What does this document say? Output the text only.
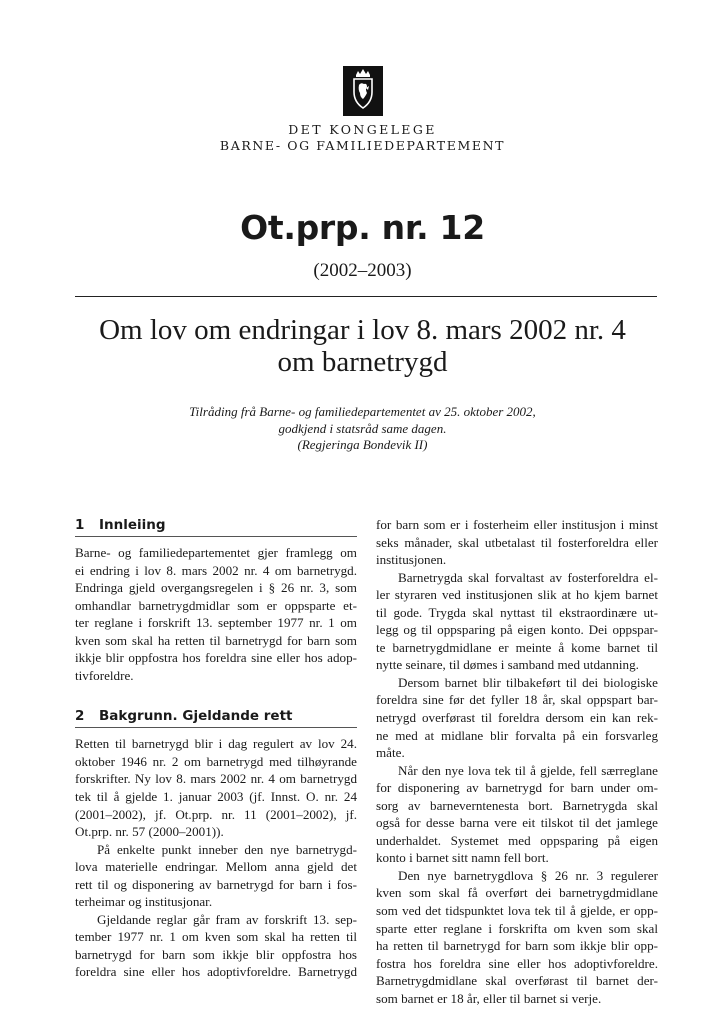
DET KONGELEGE
BARNE- OG FAMILIEDEPARTEMENT
Ot.prp. nr. 12
(2002–2003)
Om lov om endringar i lov 8. mars 2002 nr. 4
om barnetrygd
Tilråding frå Barne- og familiedepartementet av 25. oktober 2002,
godkjend i statsråd same dagen.
(Regjeringa Bondevik II)
1 Innleiing
Barne- og familiedepartementet gjer framlegg om
ei endring i lov 8. mars 2002 nr. 4 om barnetrygd.
Endringa gjeld overgangsregelen i § 26 nr. 3, som
omhandlar barnetrygdmidlar som er oppsparte et-
ter reglane i forskrift 13. september 1977 nr. 1 om
kven som skal ha retten til barnetrygd for barn som
ikkje blir oppfostra hos foreldra sine eller hos adop-
tivforeldre.
2 Bakgrunn. Gjeldande rett
Retten til barnetrygd blir i dag regulert av lov 24.
oktober 1946 nr. 2 om barnetrygd med tilhøyrande
forskrifter. Ny lov 8. mars 2002 nr. 4 om barnetrygd
tek til å gjelde 1. januar 2003 (jf. Innst. O. nr. 24
(2001–2002), jf. Ot.prp. nr. 11 (2001–2002), jf.
Ot.prp. nr. 57 (2000–2001)).
På enkelte punkt inneber den nye barnetrygd-
lova materielle endringar. Mellom anna gjeld det
rett til og disponering av barnetrygd for barn i fos-
terheimar og institusjonar.
Gjeldande reglar går fram av forskrift 13. sep-
tember 1977 nr. 1 om kven som skal ha retten til
barnetrygd for barn som ikkje blir oppfostra hos
foreldra sine eller hos adoptivforeldre. Barnetrygd
for barn som er i fosterheim eller institusjon i minst
seks månader, skal utbetalast til fosterforeldra eller
institusjonen.
Barnetrygda skal forvaltast av fosterforeldra el-
ler styraren ved institusjonen slik at ho kjem barnet
til gode. Trygda skal nyttast til ekstraordinære ut-
legg og til oppsparing på eigen konto. Dei oppspar-
te barnetrygdmidlane er meinte å kome barnet til
nytte seinare, til dømes i samband med utdanning.
Dersom barnet blir tilbakeført til dei biologiske
foreldra sine før det fyller 18 år, skal oppspart bar-
netrygd overførast til foreldra dersom ein kan rek-
ne med at midlane blir forvalta på ein forsvarleg
måte.
Når den nye lova tek til å gjelde, fell særreglane
for disponering av barnetrygd for barn under om-
sorg av barneverntenesta bort. Barnetrygda skal
også for desse barna vere eit tilskot til det jamlege
underhaldet. Systemet med oppsparing på eigen
konto i barnet sitt namn fell bort.
Den nye barnetrygdlova § 26 nr. 3 regulerer
kven som skal få overført dei barnetrygdmidlane
som ved det tidspunktet lova tek til å gjelde, er opp-
sparte etter reglane i forskrifta om kven som skal
ha retten til barnetrygd for barn som ikkje blir opp-
fostra hos foreldra sine eller hos adoptivforeldre.
Barnetrygdmidlane skal overførast til barnet der-
som barnet er 18 år, eller til barnet si verje.
